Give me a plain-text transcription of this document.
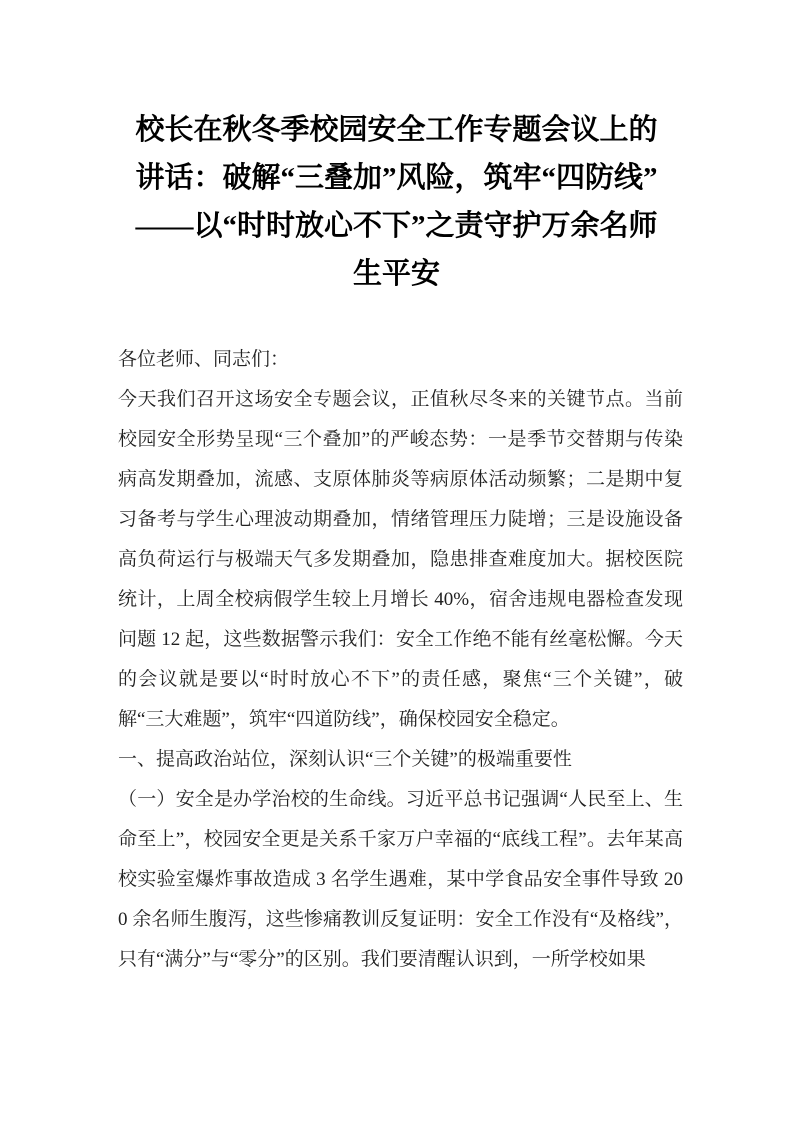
校长在秋冬季校园安全工作专题会议上的
讲话：破解“三叠加”风险，筑牢“四防线”
——以“时时放心不下”之责守护万余名师
生平安

各位老师、同志们：

今天我们召开这场安全专题会议，正值秋尽冬来的关键节点。当前校园安全形势呈现“三个叠加”的严峻态势：一是季节交替期与传染病高发期叠加，流感、支原体肺炎等病原体活动频繁；二是期中复习备考与学生心理波动期叠加，情绪管理压力陡增；三是设施设备高负荷运行与极端天气多发期叠加，隐患排查难度加大。据校医院统计，上周全校病假学生较上月增长 40%，宿舍违规电器检查发现问题 12 起，这些数据警示我们：安全工作绝不能有丝毫松懈。今天的会议就是要以“时时放心不下”的责任感，聚焦“三个关键”，破解“三大难题”，筑牢“四道防线”，确保校园安全稳定。

一、提高政治站位，深刻认识“三个关键”的极端重要性

（一）安全是办学治校的生命线。习近平总书记强调“人民至上、生命至上”，校园安全更是关系千家万户幸福的“底线工程”。去年某高校实验室爆炸事故造成 3 名学生遇难，某中学食品安全事件导致 200 余名师生腹泻，这些惨痛教训反复证明：安全工作没有“及格线”，只有“满分”与“零分”的区别。我们要清醒认识到，一所学校如果
